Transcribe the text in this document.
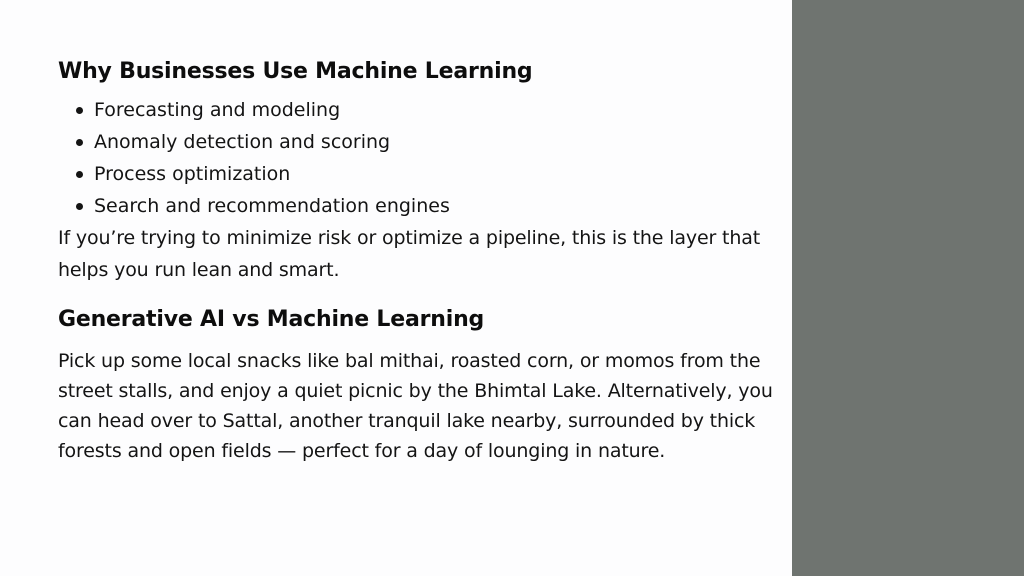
Why Businesses Use Machine Learning
Forecasting and modeling
Anomaly detection and scoring
Process optimization
Search and recommendation engines

If you’re trying to minimize risk or optimize a pipeline, this is the layer that helps you run lean and smart.

Generative AI vs Machine Learning

Pick up some local snacks like bal mithai, roasted corn, or momos from the street stalls, and enjoy a quiet picnic by the Bhimtal Lake. Alternatively, you can head over to Sattal, another tranquil lake nearby, surrounded by thick forests and open fields — perfect for a day of lounging in nature.
